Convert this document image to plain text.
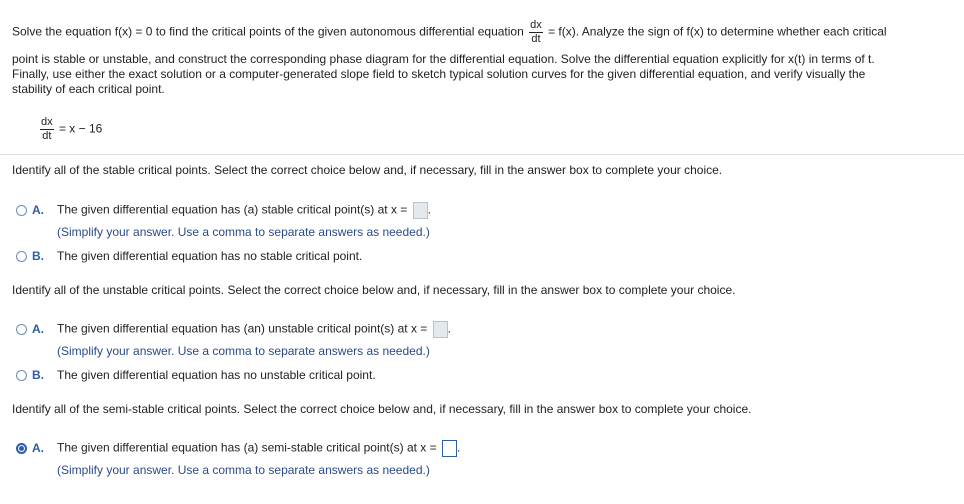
Solve the equation f(x) = 0 to find the critical points of the given autonomous differential equation $\frac{dx}{dt} = f(x)$. Analyze the sign of f(x) to determine whether each critical
point is stable or unstable, and construct the corresponding phase diagram for the differential equation. Solve the differential equation explicitly for x(t) in terms of t.
Finally, use either the exact solution or a computer-generated slope field to sketch typical solution curves for the given differential equation, and verify visually the
stability of each critical point.
$\frac{dx}{dt} = x - 16$
Identify all of the stable critical points. Select the correct choice below and, if necessary, fill in the answer box to complete your choice.
A. The given differential equation has (a) stable critical point(s) at x = .
(Simplify your answer. Use a comma to separate answers as needed.)
B. The given differential equation has no stable critical point.
Identify all of the unstable critical points. Select the correct choice below and, if necessary, fill in the answer box to complete your choice.
A. The given differential equation has (an) unstable critical point(s) at x = .
(Simplify your answer. Use a comma to separate answers as needed.)
B. The given differential equation has no unstable critical point.
Identify all of the semi-stable critical points. Select the correct choice below and, if necessary, fill in the answer box to complete your choice.
A. The given differential equation has (a) semi-stable critical point(s) at x = .
(Simplify your answer. Use a comma to separate answers as needed.)
